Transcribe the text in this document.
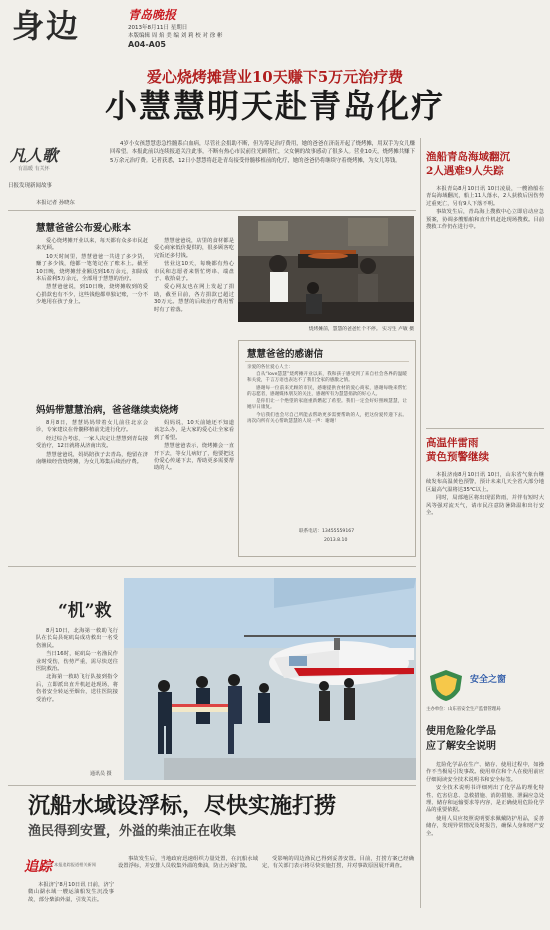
身边	青岛晚报
2013年8月11日 星期日
本版编辑 周 焰 美 编 刘 莉 校 对 徐 彬
A04-A05
爱心烧烤摊营业10天赚下5万元治疗费
小慧慧明天赴青岛化疗
凡人歌
有温暖 有关怀
日报发现新闻故事
4岁小女孩慧慧患急性髓系白血病，尽管社会捐助不断，但为筹足治疗费用，她的爸爸在济南开起了烧烤摊，用双手为女儿赚回希望。本报此前以连续报道关注此事，不断有热心市民前往光顾帮忙，父女俩的故事感动了很多人。营业10天，烧烤摊共赚下5万余元治疗费。记者获悉，12日小慧慧将赶赴青岛接受骨髓移植前的化疗，她的爸爸仍将继续守着烧烤摊，为女儿筹钱。
本报记者 孙晓东
慧慧爸爸公布爱心账本

爱心烧烤摊开业以来，每天都有众多市民赶来光顾。

10天时间里，慧慧爸爸一共进了多少货，赚了多少钱，他都一笔笔记在了账本上。截至10日晚，烧烤摊营业额达到16万余元，扣除成本后盈利5万余元，全部用于慧慧的治疗。

慧慧爸爸说，到10日晚，烧烤摊收到的爱心捐款也有不少，这些钱他都单独记账，一分不少地用在孩子身上。

慧慧爸爸说，店里的食材都是爱心商家低价提供的，很多顾客吃完饭还多付钱。

营业这10天，每晚都有热心市民和志愿者来帮忙烤串、端盘子、收拾桌子。

爱心网友也在网上发起了捐助，截至目前，各方捐款已超过30万元。慧慧的后续治疗费用暂时有了着落。

烧烤摊前，慧慧的爸爸忙个不停。 实习生 卢敏 摄
慧慧爸爸的感谢信
亲爱的各位爱心人士：

自从“love慧慧”烧烤摊开业以来，我和孩子感受到了来自社会各界的温暖和关爱，千言万语也表达不了我们全家的感激之情。

感谢每一位前来光顾的市民，感谢提供食材的爱心商家，感谢每晚来帮忙的志愿者，感谢媒体朋友的关注，感谢所有为慧慧捐款的好心人。

是你们让一个绝望的家庭重新燃起了希望。我们一定会好好照顾慧慧，让她早日康复。

今后我们也会尽自己所能去帮助更多需要帮助的人，把这份爱传递下去。再次向所有关心帮助慧慧的人说一声：谢谢！

联系电话：13455559167
2013.8.10
妈妈带慧慧治病，爸爸继续卖烧烤

8月8日，慧慧妈妈带着女儿前往北京会诊，专家建议在骨髓移植前先进行化疗。

经过综合考虑，一家人决定让慧慧到青岛接受治疗，12日就将从济南出发。

慧慧爸爸说，妈妈陪孩子去青岛，他留在济南继续经营烧烤摊，为女儿筹集后续治疗费。

妈妈说，10天前她还不知道该怎么办，是大家的爱心让全家看到了希望。

慧慧爸爸表示，烧烤摊会一直开下去，等女儿病好了，他要把这份爱心传递下去，帮助更多需要帮助的人。

渔船青岛海域翻沉
2人遇难9人失踪

本报青岛8月10日讯 10日凌晨，一艘渔船在青岛海域翻沉，船上11人落水，2人获救后因伤势过重死亡，另有9人下落不明。

事故发生后，青岛海上搜救中心立即启动应急预案，协调多艘船舶和直升机赶赴现场搜救。目前搜救工作仍在进行中。

高温伴雷雨
黄色预警继续

本报济南8月10日讯 10日，山东省气象台继续发布高温黄色预警，预计未来几天全省大部分地区最高气温将达35℃以上。

同时，局部地区将出现雷阵雨，并伴有短时大风等强对流天气，请市民注意防暑降温和出行安全。

安全之窗
主办单位：山东省安全生产监督管理局
使用危险化学品
应了解安全说明

危险化学品在生产、储存、使用过程中，如操作不当极易引发事故。使用单位和个人在使用前应仔细阅读安全技术说明书和安全标签。

安全技术说明书详细列出了化学品的理化特性、危害信息、急救措施、消防措施、泄漏应急处理、储存和运输要求等内容，是正确使用危险化学品的重要依据。

使用人员应按照说明要求佩戴防护用品，妥善储存，发现异常情况及时报告，确保人身和财产安全。

“机”救

8月10日，北海第一救助飞行队在长岛县砣矶岛成功救出一名受伤渔民。

当日16时，砣矶岛一名渔民作业时受伤，伤势严重，需尽快送往医院救治。

北海第一救助飞行队接到指令后，立即派出直升机赶赴现场，将伤者安全转运至烟台，送往医院接受治疗。

通讯员 摄
沉船水域设浮标，尽快实施打捞
渔民得到安置，外溢的柴油正在收集
追踪 本报追踪报道相关新闻
本报济宁8月10日讯 日前，济宁微山湖水域一艘运油船发生沉没事故，部分柴油外溢，引发关注。
事故发生后，当地政府迅速组织力量处置，在沉船水域设置浮标，并安排人员收集外溢的柴油，防止污染扩散。
受影响的周边渔民已得到妥善安置。目前，打捞方案已经确定，有关部门表示将尽快实施打捞，并对事故原因展开调查。
